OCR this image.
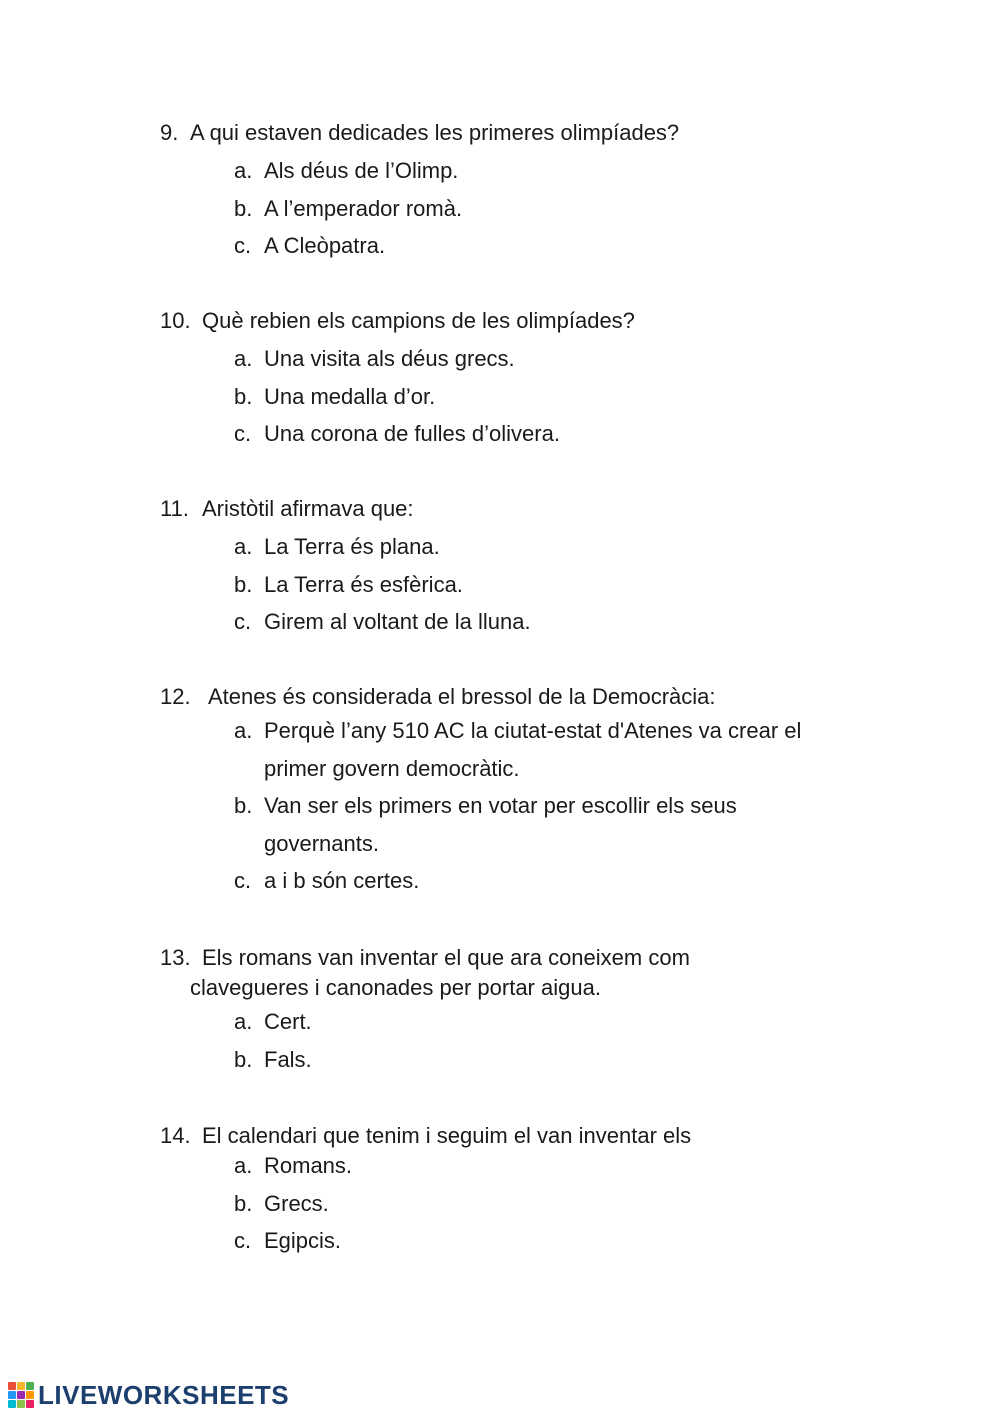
9. A qui estaven dedicades les primeres olimpíades?
a. Als déus de l’Olimp.
b. A l’emperador romà.
c. A Cleòpatra.
10. Què rebien els campions de les olimpíades?
a. Una visita als déus grecs.
b. Una medalla d’or.
c. Una corona de fulles d’olivera.
11. Aristòtil afirmava que:
a. La Terra és plana.
b. La Terra és esfèrica.
c. Girem al voltant de la lluna.
12. Atenes és considerada el bressol de la Democràcia:
a. Perquè l’any 510 AC la ciutat-estat d'Atenes va crear el primer govern democràtic.
b. Van ser els primers en votar per escollir els seus governants.
c. a i b són certes.
13. Els romans van inventar el que ara coneixem com
clavegueres i canonades per portar aigua.
a. Cert.
b. Fals.
14. El calendari que tenim i seguim el van inventar els
a. Romans.
b. Grecs.
c. Egipcis.
LIVEWORKSHEETS
